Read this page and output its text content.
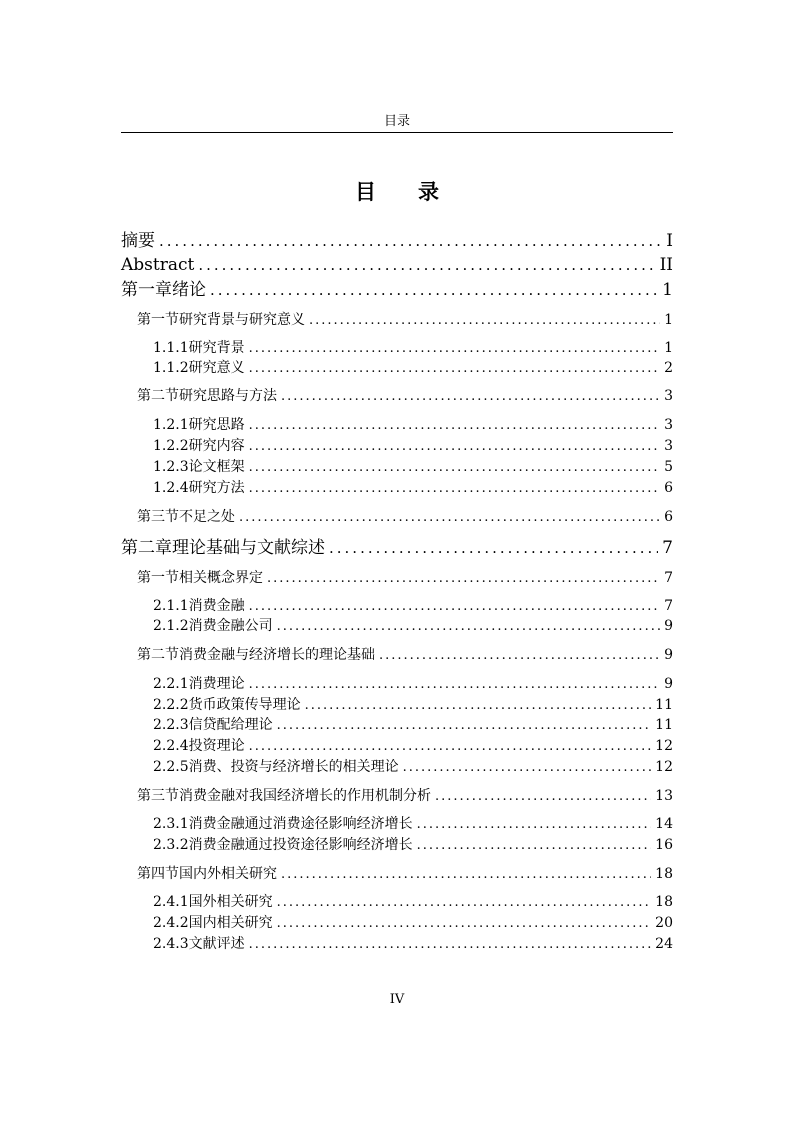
目录
目 录
摘要 .....	I
Abstract .....	II
第一章 绪论 .....	1
第一节 研究背景与研究意义 .....	1
1.1.1 研究背景 .....	1
1.1.2 研究意义 .....	2
第二节 研究思路与方法 .....	3
1.2.1 研究思路 .....	3
1.2.2 研究内容 .....	3
1.2.3 论文框架 .....	5
1.2.4 研究方法 .....	6
第三节 不足之处 .....	6
第二章 理论基础与文献综述 .....	7
第一节 相关概念界定 .....	7
2.1.1 消费金融 .....	7
2.1.2 消费金融公司 .....	9
第二节 消费金融与经济增长的理论基础 .....	9
2.2.1 消费理论 .....	9
2.2.2 货币政策传导理论 .....	11
2.2.3 信贷配给理论 .....	11
2.2.4 投资理论 .....	12
2.2.5 消费、投资与经济增长的相关理论 .....	12
第三节 消费金融对我国经济增长的作用机制分析 .....	13
2.3.1 消费金融通过消费途径影响经济增长 .....	14
2.3.2 消费金融通过投资途径影响经济增长 .....	16
第四节 国内外相关研究 .....	18
2.4.1 国外相关研究 .....	18
2.4.2 国内相关研究 .....	20
2.4.3 文献评述 .....	24
IV
